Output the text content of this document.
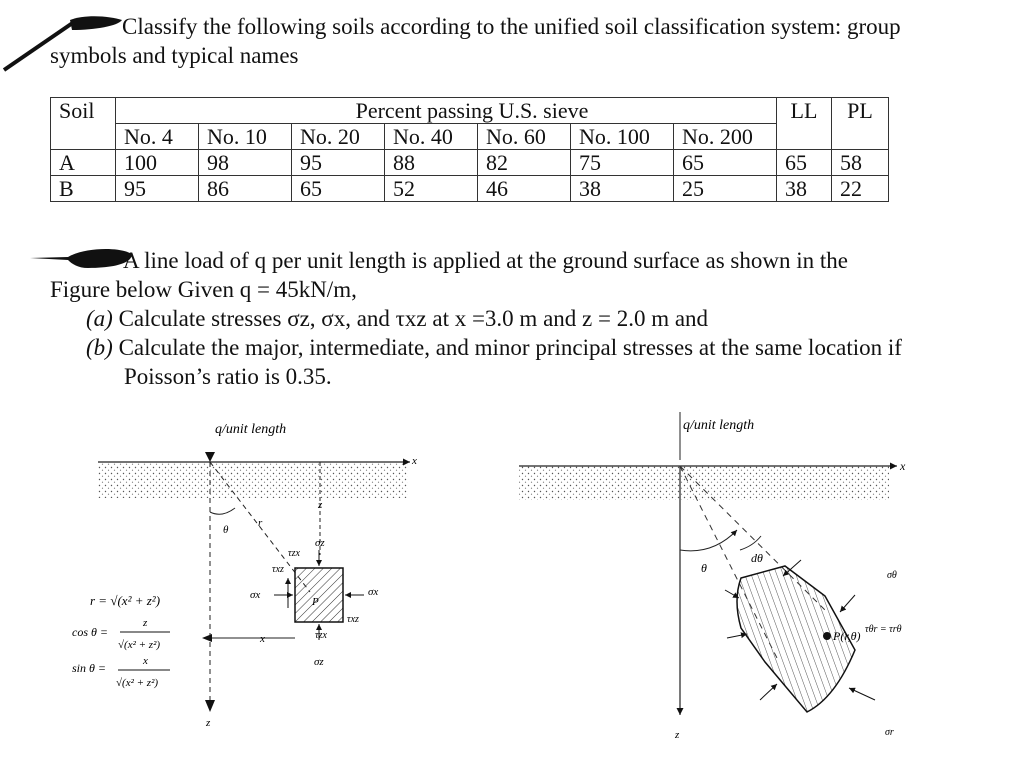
Classify the following soils according to the unified soil classification system: group
symbols and typical names
Soil	Percent passing U.S. sieve							LL	PL
	No. 4	No. 10	No. 20	No. 40	No. 60	No. 100	No. 200		
A	100	98	95	88	82	75	65	65	58
B	95	86	65	52	46	38	25	38	22
A line load of q per unit length is applied at the ground surface as shown in the
Figure below Given q = 45kN/m,
(a) Calculate stresses σz, σx, and τxz at x =3.0 m and z = 2.0 m and
(b) Calculate the major, intermediate, and minor principal stresses at the same location if
Poisson’s ratio is 0.35.
q/unit length
x
z
r
θ
x
z
P
σz
σz
σx	σx
τxz
τzx
τxz
τzx
r = √(x² + z²)
cos θ =
z
√(x² + z²)
sin θ =	x
√(x² + z²)
q/unit length
x
z
θ
dθ
P(r,θ)
σθ
τθr = τrθ
σr
